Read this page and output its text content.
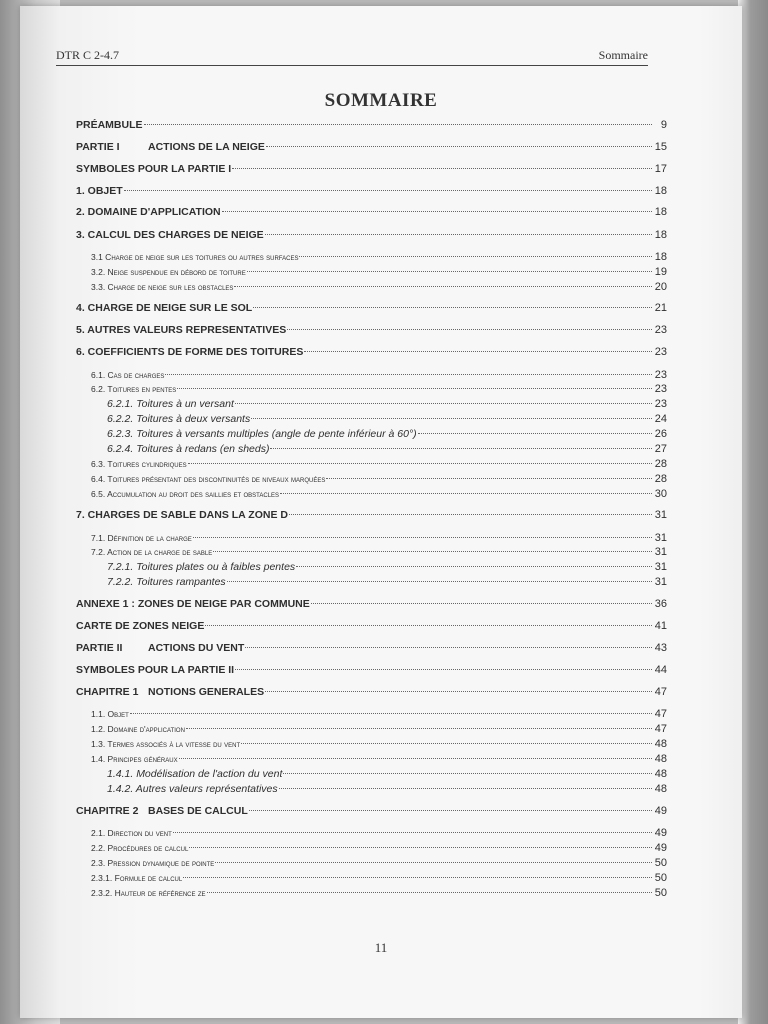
DTR C 2-4.7	Sommaire
SOMMAIRE
PRÉAMBULE	9
PARTIE I	ACTIONS DE LA NEIGE	15
SYMBOLES POUR LA PARTIE I	17
1. OBJET	18
2. DOMAINE D'APPLICATION	18
3. CALCUL DES CHARGES DE NEIGE	18
3.1 Charge de neige sur les toitures ou autres surfaces	18
3.2. Neige suspendue en débord de toiture	19
3.3. Charge de neige sur les obstacles	20
4. CHARGE DE NEIGE SUR LE SOL	21
5. AUTRES VALEURS REPRESENTATIVES	23
6. COEFFICIENTS DE FORME DES TOITURES	23
6.1. Cas de charges	23
6.2. Toitures en pentes	23
6.2.1. Toitures à un versant	23
6.2.2. Toitures à deux versants	24
6.2.3. Toitures à versants multiples (angle de pente inférieur à 60°)	26
6.2.4. Toitures à redans (en sheds)	27
6.3. Toitures cylindriques	28
6.4. Toitures présentant des discontinuités de niveaux marquées	28
6.5. Accumulation au droit des saillies et obstacles	30
7. CHARGES DE SABLE DANS LA ZONE D	31
7.1. Définition de la charge	31
7.2. Action de la charge de sable	31
7.2.1. Toitures plates ou à faibles pentes	31
7.2.2. Toitures rampantes	31
ANNEXE 1 : ZONES DE NEIGE PAR COMMUNE	36
CARTE DE ZONES NEIGE	41
PARTIE II ACTIONS DU VENT	43
SYMBOLES POUR LA PARTIE II	44
CHAPITRE 1 NOTIONS GENERALES	47
1.1. Objet	47
1.2. Domaine d'application	47
1.3. Termes associés à la vitesse du vent	48
1.4. Principes généraux	48
1.4.1. Modélisation de l'action du vent	48
1.4.2. Autres valeurs représentatives	48
CHAPITRE 2 BASES DE CALCUL	49
2.1. Direction du vent	49
2.2. Procédures de calcul	49
2.3. Pression dynamique de pointe	50
2.3.1. Formule de calcul	50
2.3.2. Hauteur de référence ze	50
11
